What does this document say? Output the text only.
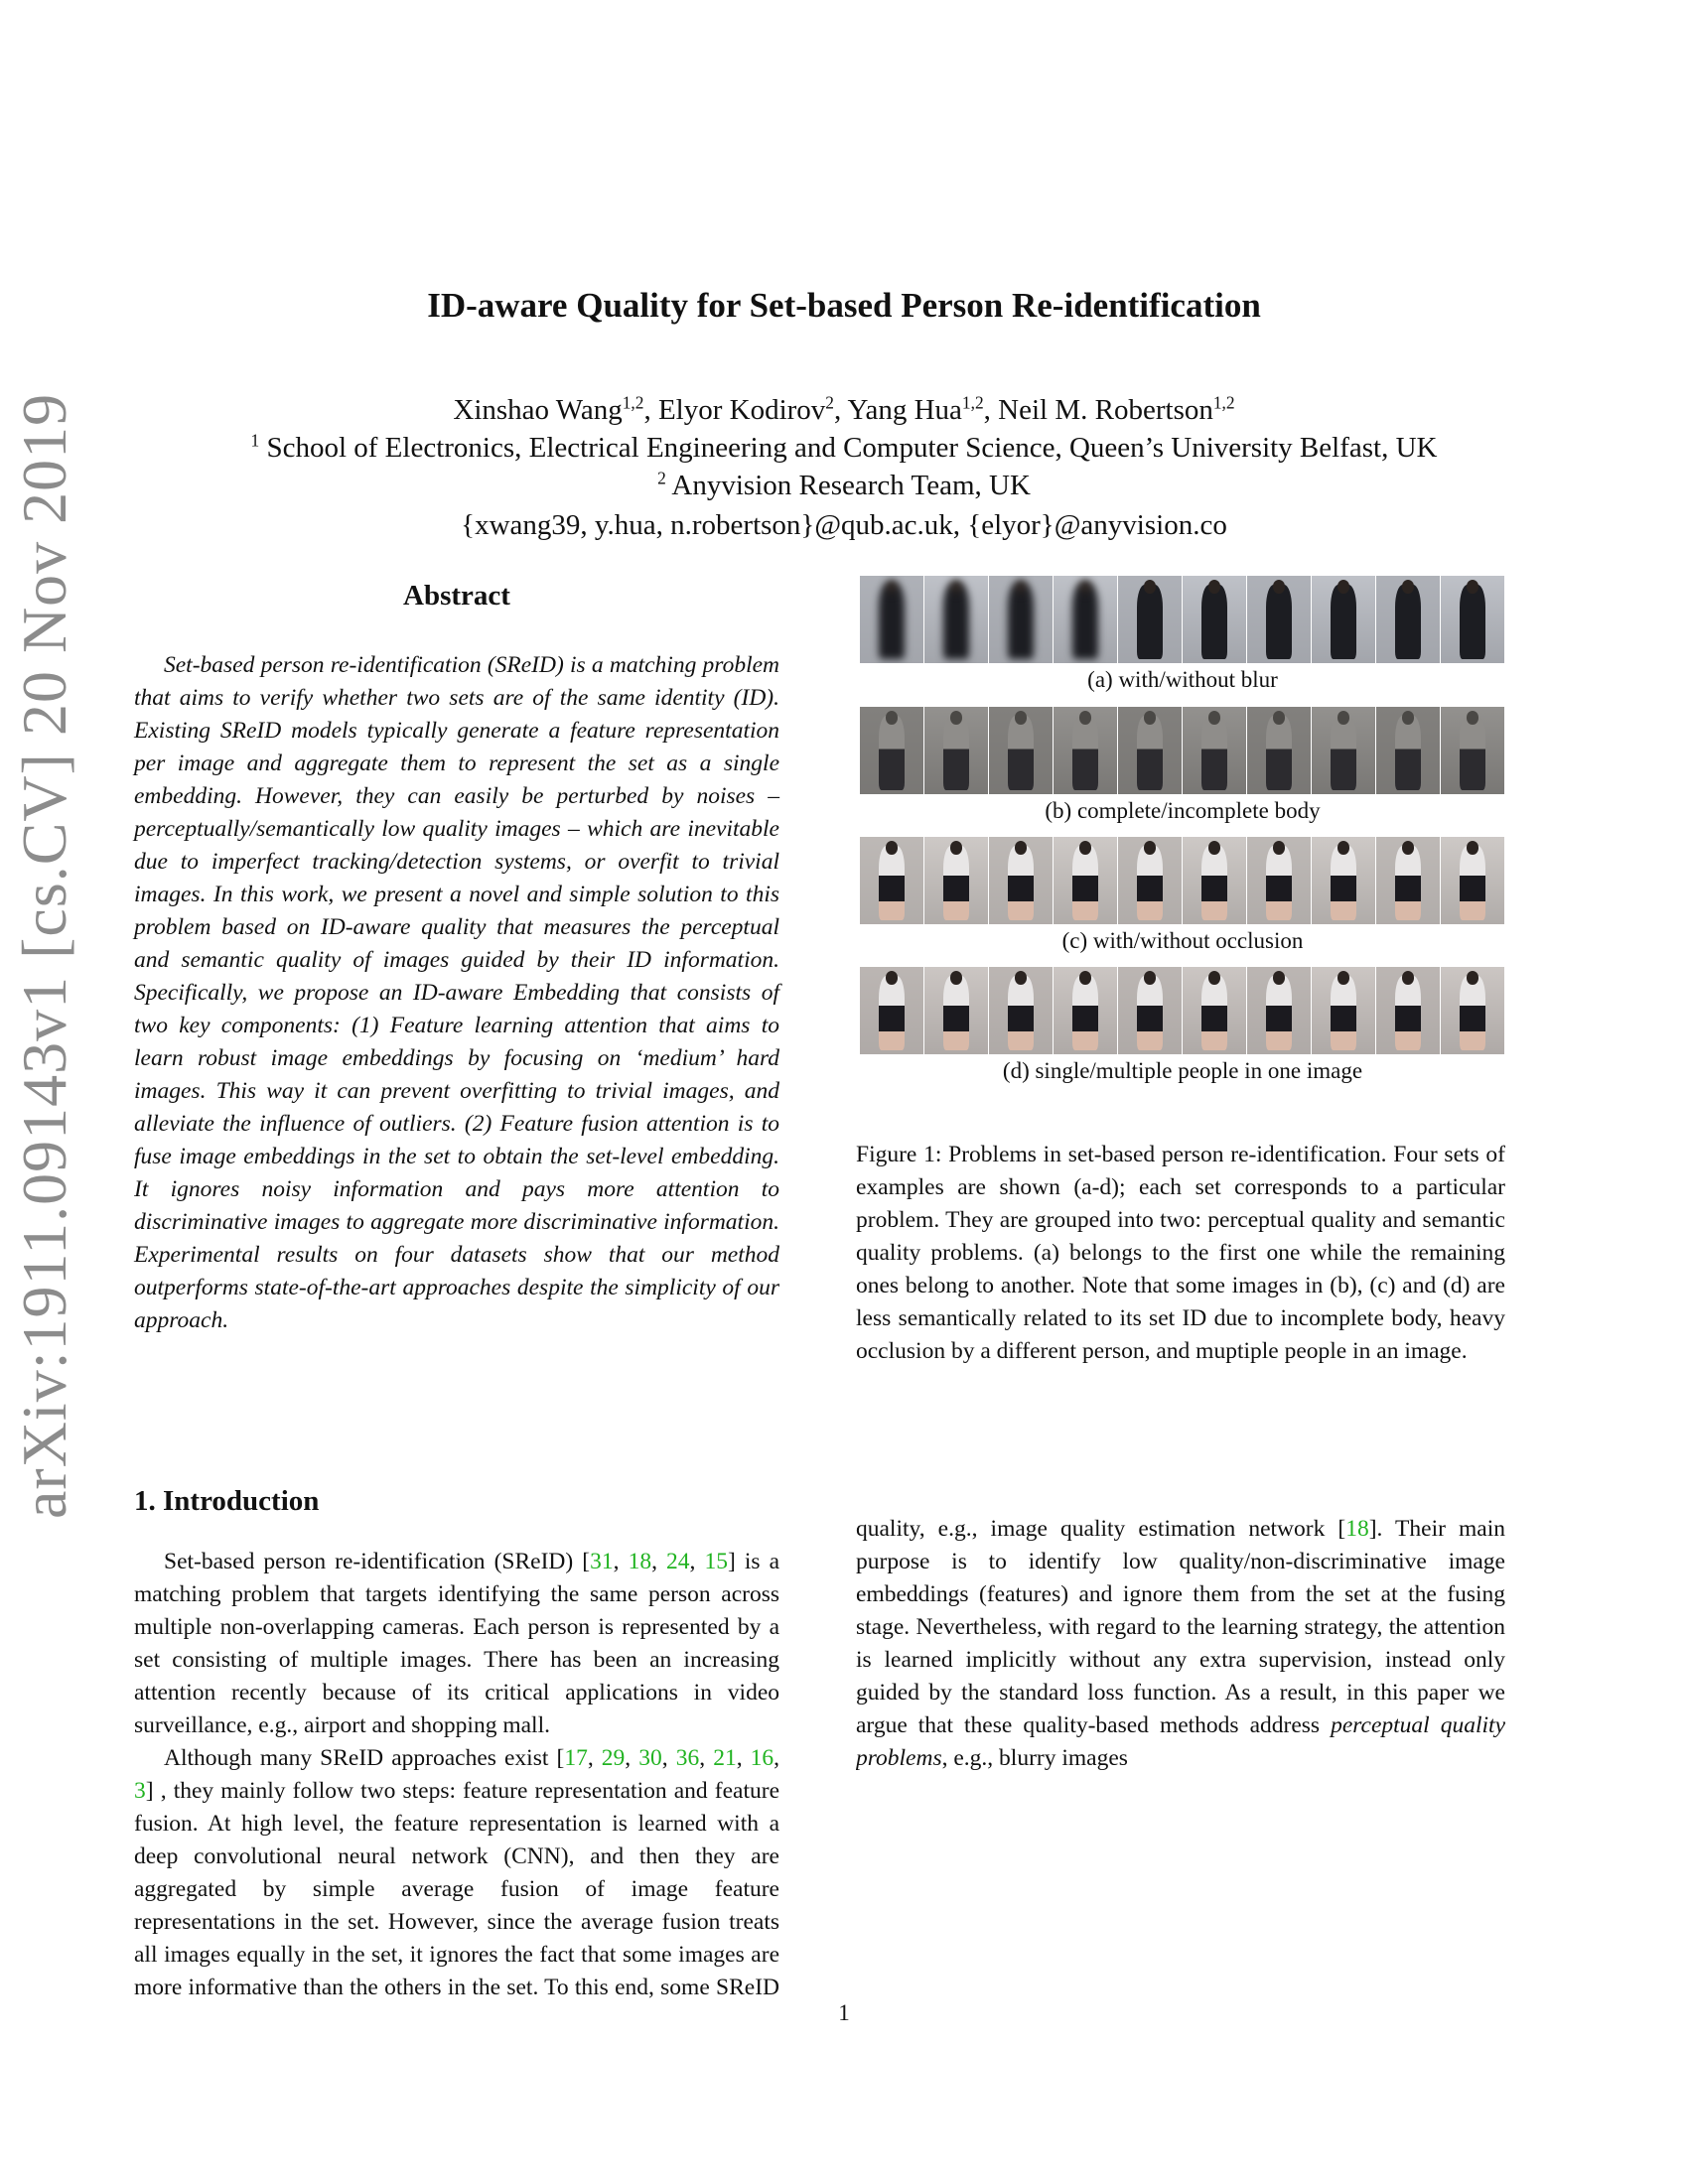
arXiv:1911.09143v1 [cs.CV] 20 Nov 2019
ID-aware Quality for Set-based Person Re-identification
Xinshao Wang$^{1,2}$, Elyor Kodirov$^2$, Yang Hua$^{1,2}$, Neil M. Robertson$^{1,2}$
$^1$ School of Electronics, Electrical Engineering and Computer Science, Queen’s University Belfast, UK
$^2$ Anyvision Research Team, UK
{xwang39, y.hua, n.robertson}@qub.ac.uk, {elyor}@anyvision.co
Abstract

Set-based person re-identification (SReID) is a matching problem that aims to verify whether two sets are of the same identity (ID). Existing SReID models typically generate a feature representation per image and aggregate them to represent the set as a single embedding. However, they can easily be perturbed by noises – perceptually/semantically low quality images – which are inevitable due to imperfect tracking/detection systems, or overfit to trivial images. In this work, we present a novel and simple solution to this problem based on ID-aware quality that measures the perceptual and semantic quality of images guided by their ID information. Specifically, we propose an ID-aware Embedding that consists of two key components: (1) Feature learning attention that aims to learn robust image embeddings by focusing on ‘medium’ hard images. This way it can prevent overfitting to trivial images, and alleviate the influence of outliers. (2) Feature fusion attention is to fuse image embeddings in the set to obtain the set-level embedding. It ignores noisy information and pays more attention to discriminative images to aggregate more discriminative information. Experimental results on four datasets show that our method outperforms state-of-the-art approaches despite the simplicity of our approach.

(a) with/without blur
(b) complete/incomplete body
(c) with/without occlusion
(d) single/multiple people in one image

Figure 1: Problems in set-based person re-identification. Four sets of examples are shown (a-d); each set corresponds to a particular problem. They are grouped into two: perceptual quality and semantic quality problems. (a) belongs to the first one while the remaining ones belong to another. Note that some images in (b), (c) and (d) are less semantically related to its set ID due to incomplete body, heavy occlusion by a different person, and muptiple people in an image.

1. Introduction

Set-based person re-identification (SReID) [31, 18, 24, 15] is a matching problem that targets identifying the same person across multiple non-overlapping cameras. Each person is represented by a set consisting of multiple images. There has been an increasing attention recently because of its critical applications in video surveillance, e.g., airport and shopping mall.

Although many SReID approaches exist [17, 29, 30, 36, 21, 16, 3] , they mainly follow two steps: feature representation and feature fusion. At high level, the feature representation is learned with a deep convolutional neural network (CNN), and then they are aggregated by simple average fusion of image feature representations in the set. However, since the average fusion treats all images equally in the set, it ignores the fact that some images are more informative than the others in the set. To this end, some SReID

quality, e.g., image quality estimation network [18]. Their main purpose is to identify low quality/non-discriminative image embeddings (features) and ignore them from the set at the fusing stage. Nevertheless, with regard to the learning strategy, the attention is learned implicitly without any extra supervision, instead only guided by the standard loss function. As a result, in this paper we argue that these quality-based methods address perceptual quality problems, e.g., blurry images

1
